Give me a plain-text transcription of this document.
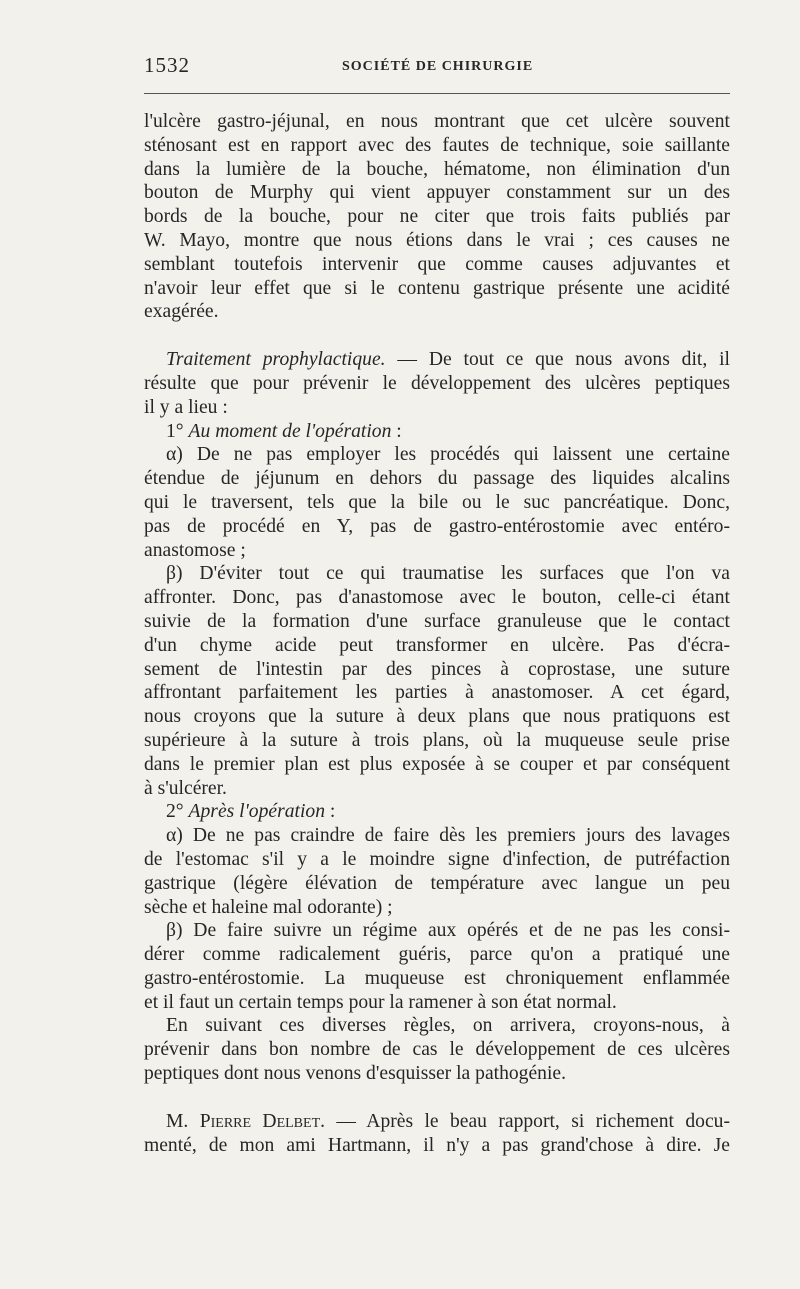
1532	SOCIÉTÉ DE CHIRURGIE

l'ulcère gastro-jéjunal, en nous montrant que cet ulcère souvent

sténosant est en rapport avec des fautes de technique, soie saillante

dans la lumière de la bouche, hématome, non élimination d'un

bouton de Murphy qui vient appuyer constamment sur un des

bords de la bouche, pour ne citer que trois faits publiés par

W. Mayo, montre que nous étions dans le vrai ; ces causes ne

semblant toutefois intervenir que comme causes adjuvantes et

n'avoir leur effet que si le contenu gastrique présente une acidité

exagérée.

Traitement prophylactique. — De tout ce que nous avons dit, il

résulte que pour prévenir le développement des ulcères peptiques

il y a lieu :

1° Au moment de l'opération :

α) De ne pas employer les procédés qui laissent une certaine

étendue de jéjunum en dehors du passage des liquides alcalins

qui le traversent, tels que la bile ou le suc pancréatique. Donc,

pas de procédé en Y, pas de gastro-entérostomie avec entéro-

anastomose ;

β) D'éviter tout ce qui traumatise les surfaces que l'on va

affronter. Donc, pas d'anastomose avec le bouton, celle-ci étant

suivie de la formation d'une surface granuleuse que le contact

d'un chyme acide peut transformer en ulcère. Pas d'écra-

sement de l'intestin par des pinces à coprostase, une suture

affrontant parfaitement les parties à anastomoser. A cet égard,

nous croyons que la suture à deux plans que nous pratiquons est

supérieure à la suture à trois plans, où la muqueuse seule prise

dans le premier plan est plus exposée à se couper et par conséquent

à s'ulcérer.

2° Après l'opération :

α) De ne pas craindre de faire dès les premiers jours des lavages

de l'estomac s'il y a le moindre signe d'infection, de putréfaction

gastrique (légère élévation de température avec langue un peu

sèche et haleine mal odorante) ;

β) De faire suivre un régime aux opérés et de ne pas les consi-

dérer comme radicalement guéris, parce qu'on a pratiqué une

gastro-entérostomie. La muqueuse est chroniquement enflammée

et il faut un certain temps pour la ramener à son état normal.

En suivant ces diverses règles, on arrivera, croyons-nous, à

prévenir dans bon nombre de cas le développement de ces ulcères

peptiques dont nous venons d'esquisser la pathogénie.

M. Pierre Delbet. — Après le beau rapport, si richement docu-

menté, de mon ami Hartmann, il n'y a pas grand'chose à dire. Je
